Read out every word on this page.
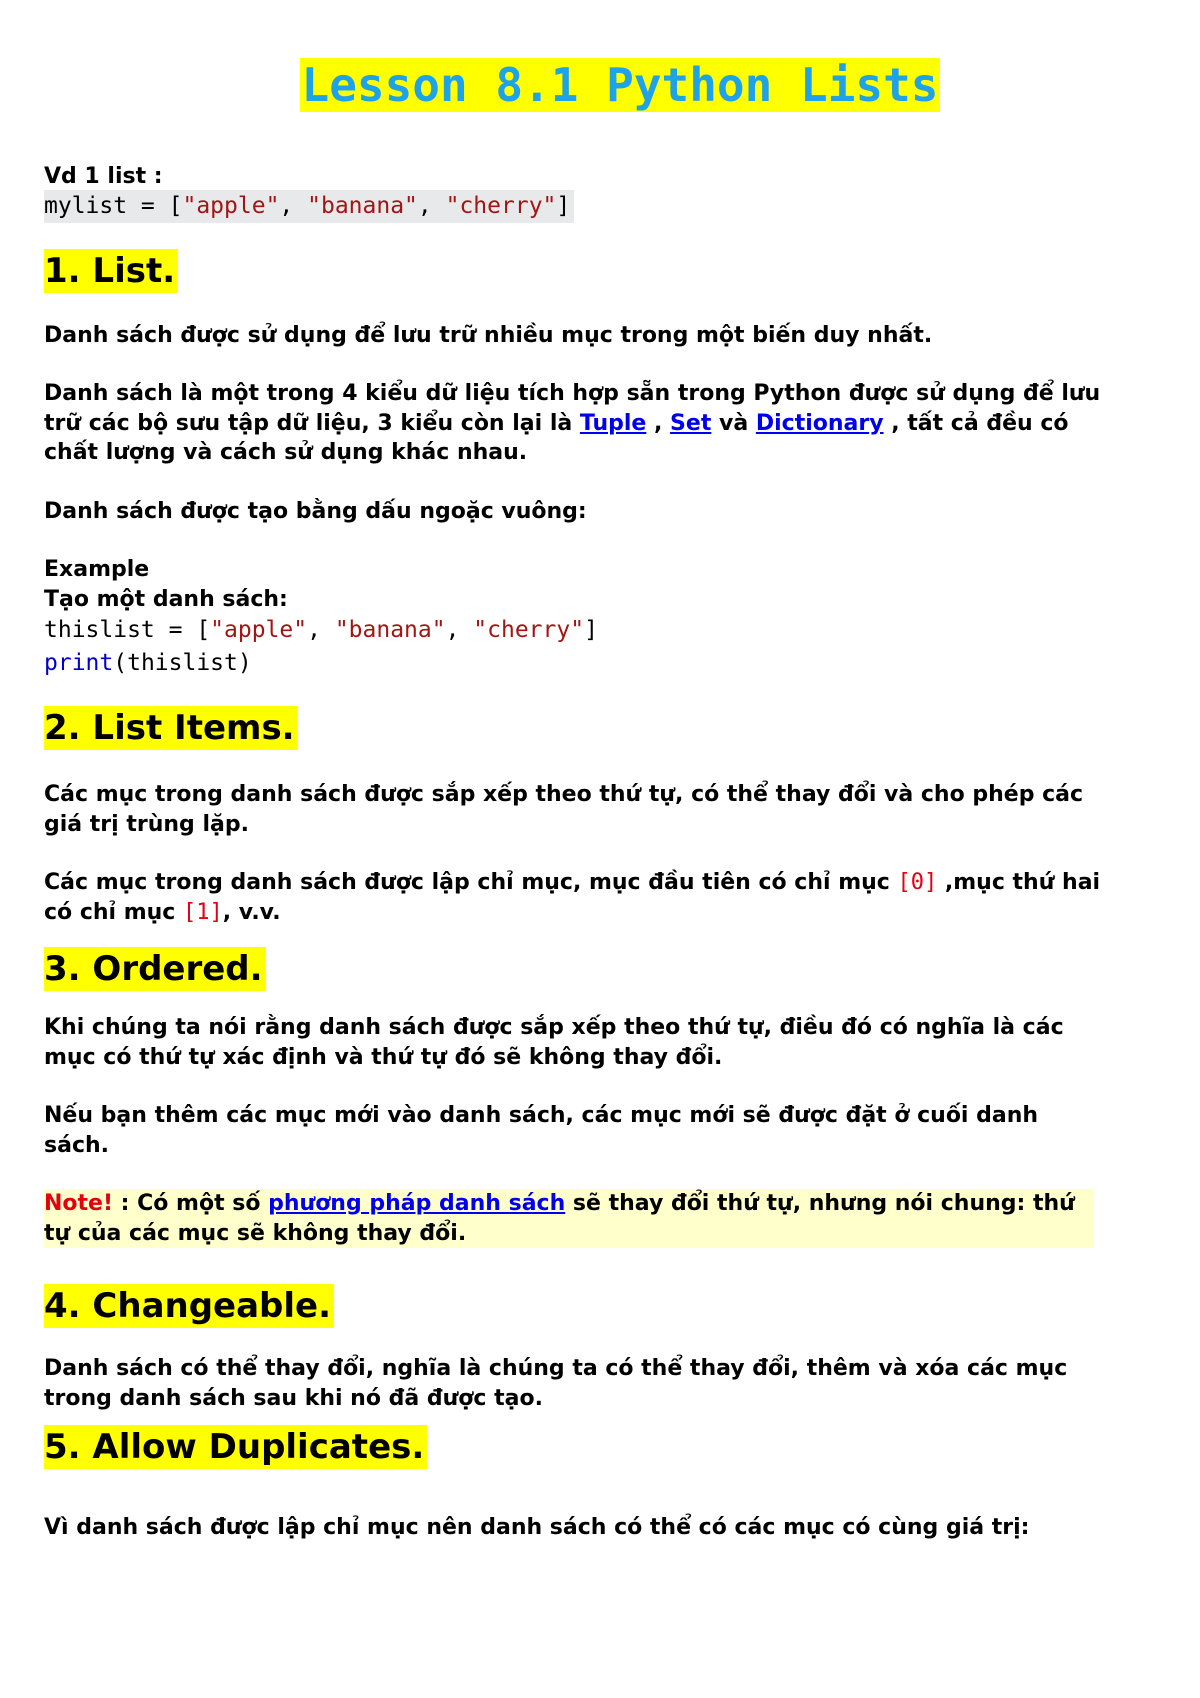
Lesson 8.1 Python Lists

Vd 1 list :

mylist = ["apple", "banana", "cherry"]
1. List.

Danh sách được sử dụng để lưu trữ nhiều mục trong một biến duy nhất.

Danh sách là một trong 4 kiểu dữ liệu tích hợp sẵn trong Python được sử dụng để lưu trữ các bộ sưu tập dữ liệu, 3 kiểu còn lại là Tuple , Set và Dictionary , tất cả đều có chất lượng và cách sử dụng khác nhau.

Danh sách được tạo bằng dấu ngoặc vuông:

Example

Tạo một danh sách:

thislist = ["apple", "banana", "cherry"]
print(thislist)
2. List Items.

Các mục trong danh sách được sắp xếp theo thứ tự, có thể thay đổi và cho phép các giá trị trùng lặp.

Các mục trong danh sách được lập chỉ mục, mục đầu tiên có chỉ mục [0] ,mục thứ hai có chỉ mục [1], v.v.

3. Ordered.

Khi chúng ta nói rằng danh sách được sắp xếp theo thứ tự, điều đó có nghĩa là các mục có thứ tự xác định và thứ tự đó sẽ không thay đổi.

Nếu bạn thêm các mục mới vào danh sách, các mục mới sẽ được đặt ở cuối danh sách.

Note! : Có một số phương pháp danh sách sẽ thay đổi thứ tự, nhưng nói chung: thứ tự của các mục sẽ không thay đổi.

4. Changeable.

Danh sách có thể thay đổi, nghĩa là chúng ta có thể thay đổi, thêm và xóa các mục trong danh sách sau khi nó đã được tạo.

5. Allow Duplicates.

Vì danh sách được lập chỉ mục nên danh sách có thể có các mục có cùng giá trị:
